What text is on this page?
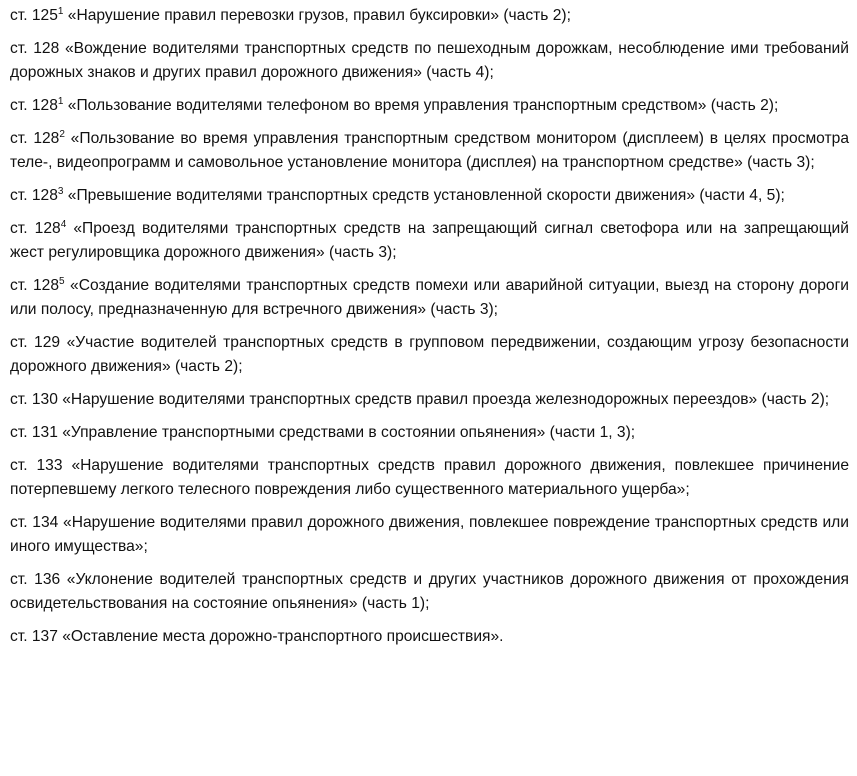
ст. $125^1$ «Нарушение правил перевозки грузов, правил буксировки» (часть 2);

ст. 128 «Вождение водителями транспортных средств по пешеходным дорожкам, несоблюдение ими требований дорожных знаков и других правил дорожного движения» (часть 4);

ст. $128^1$ «Пользование водителями телефоном во время управления транспортным средством» (часть 2);

ст. $128^2$ «Пользование во время управления транспортным средством монитором (дисплеем) в целях просмотра теле-, видеопрограмм и самовольное установление монитора (дисплея) на транспортном средстве» (часть 3);

ст. $128^3$ «Превышение водителями транспортных средств установленной скорости движения» (части 4, 5);

ст. $128^4$ «Проезд водителями транспортных средств на запрещающий сигнал светофора или на запрещающий жест регулировщика дорожного движения» (часть 3);

ст. $128^5$ «Создание водителями транспортных средств помехи или аварийной ситуации, выезд на сторону дороги или полосу, предназначенную для встречного движения» (часть 3);

ст. 129 «Участие водителей транспортных средств в групповом передвижении, создающим угрозу безопасности дорожного движения» (часть 2);

ст. 130 «Нарушение водителями транспортных средств правил проезда железнодорожных переездов» (часть 2);

ст. 131 «Управление транспортными средствами в состоянии опьянения» (части 1, 3);

ст. 133 «Нарушение водителями транспортных средств правил дорожного движения, повлекшее причинение потерпевшему легкого телесного повреждения либо существенного материального ущерба»;

ст. 134 «Нарушение водителями правил дорожного движения, повлекшее повреждение транспортных средств или иного имущества»;

ст. 136 «Уклонение водителей транспортных средств и других участников дорожного движения от прохождения освидетельствования на состояние опьянения» (часть 1);

ст. 137 «Оставление места дорожно-транспортного происшествия».
